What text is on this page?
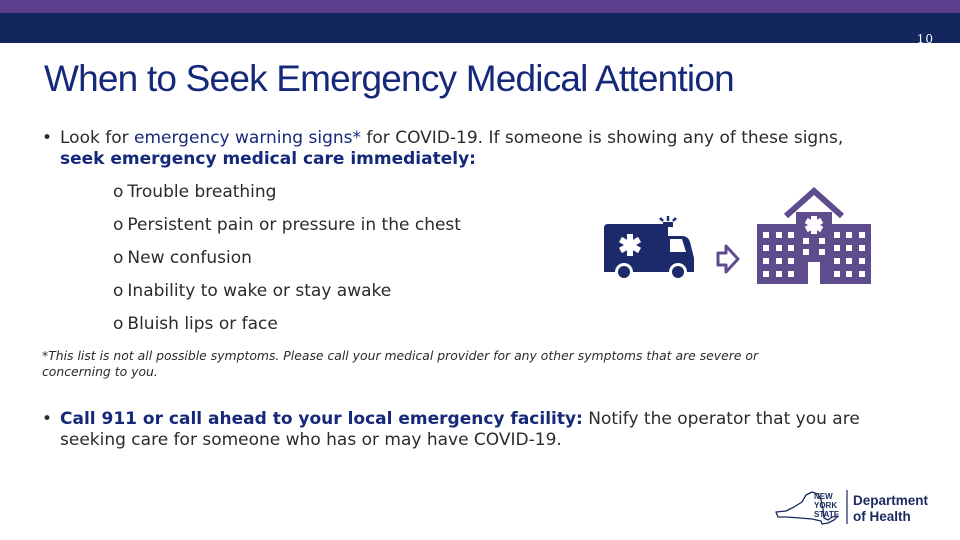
10
When to Seek Emergency Medical Attention
• Look for emergency warning signs* for COVID-19. If someone is showing any of these signs, seek emergency medical care immediately:
o Trouble breathing
o Persistent pain or pressure in the chest
o New confusion
o Inability to wake or stay awake
o Bluish lips or face
*This list is not all possible symptoms. Please call your medical provider for any other symptoms that are severe or concerning to you.
• Call 911 or call ahead to your local emergency facility: Notify the operator that you are seeking care for someone who has or may have COVID-19.
NEW
YORK
STATE
Department
of Health
